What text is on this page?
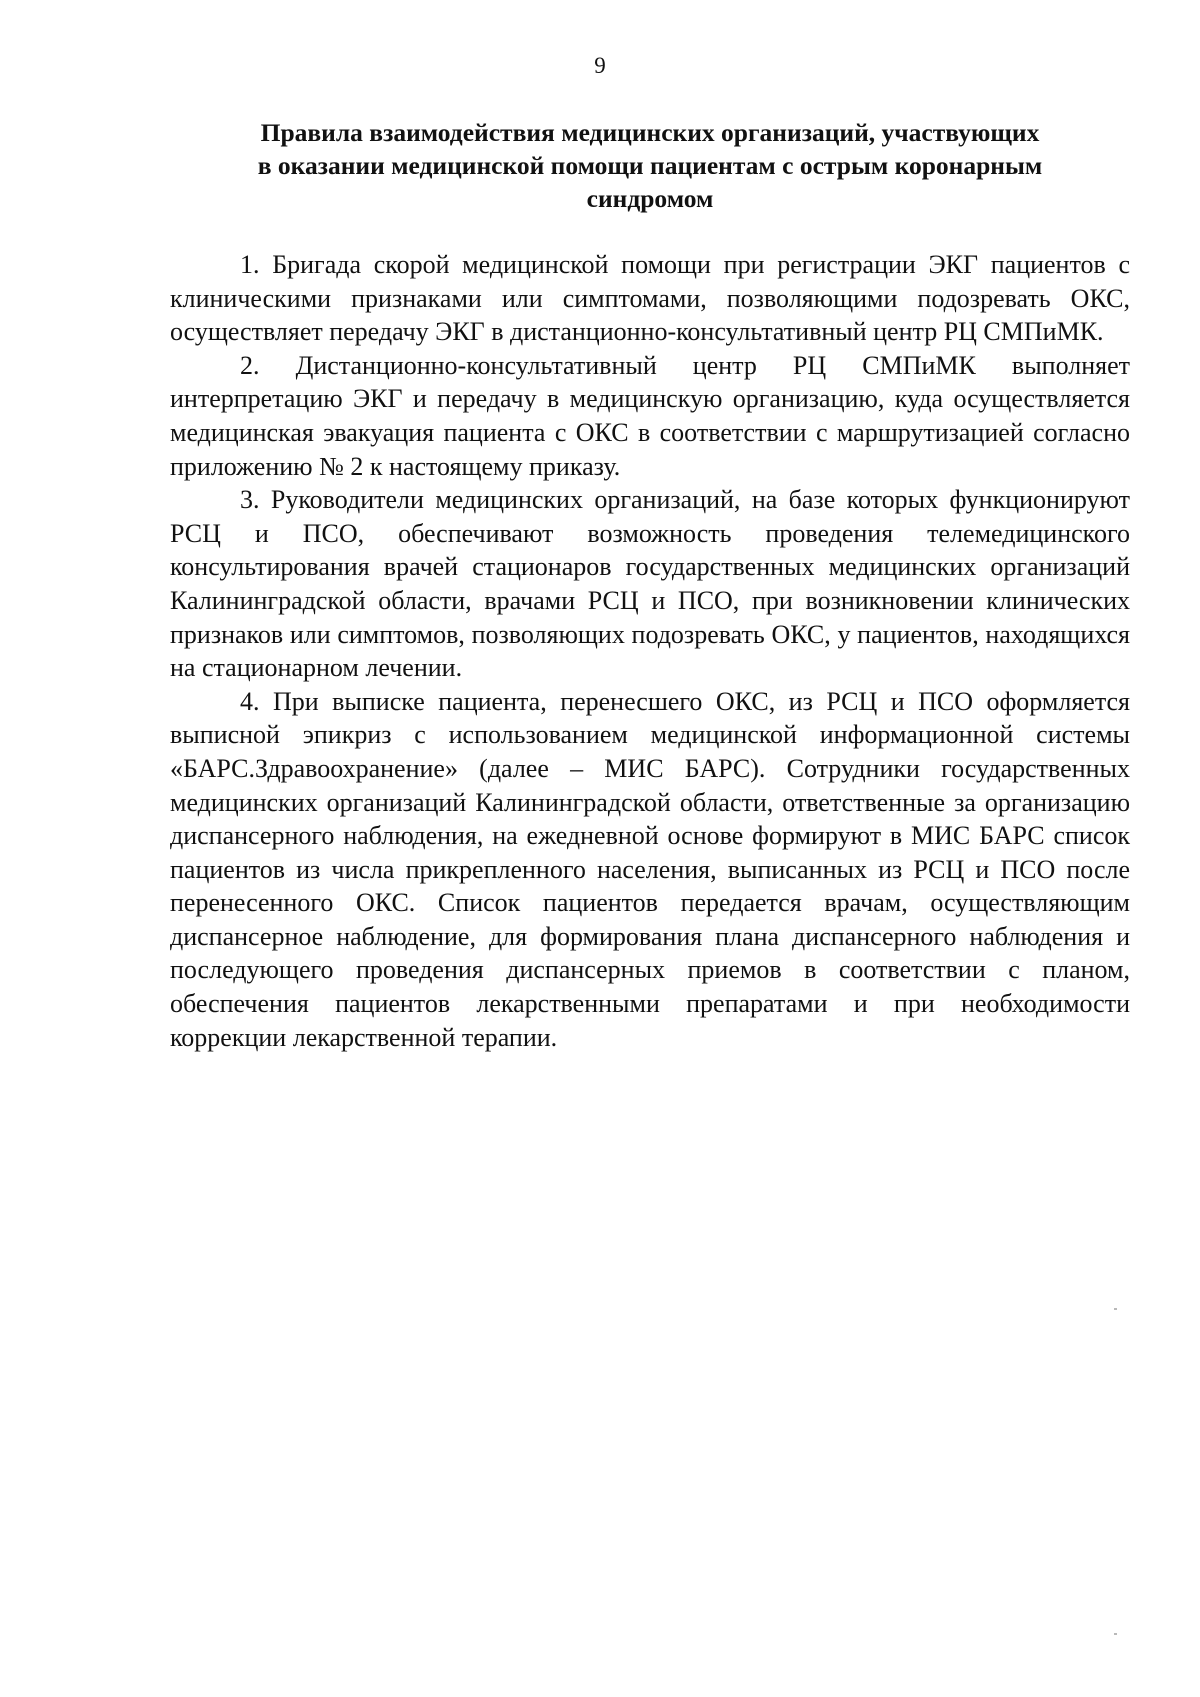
9
Правила взаимодействия медицинских организаций, участвующих
в оказании медицинской помощи пациентам с острым коронарным
синдромом

1. Бригада скорой медицинской помощи при регистрации ЭКГ пациентов с клиническими признаками или симптомами, позволяющими подозревать ОКС, осуществляет передачу ЭКГ в дистанционно-консультативный центр РЦ СМПиМК.

2. Дистанционно-консультативный центр РЦ СМПиМК выполняет интерпретацию ЭКГ и передачу в медицинскую организацию, куда осуществляется медицинская эвакуация пациента с ОКС в соответствии с маршрутизацией согласно приложению № 2 к настоящему приказу.

3. Руководители медицинских организаций, на базе которых функционируют РСЦ и ПСО, обеспечивают возможность проведения телемедицинского консультирования врачей стационаров государственных медицинских организаций Калининградской области, врачами РСЦ и ПСО, при возникновении клинических признаков или симптомов, позволяющих подозревать ОКС, у пациентов, находящихся на стационарном лечении.

4. При выписке пациента, перенесшего ОКС, из РСЦ и ПСО оформляется выписной эпикриз с использованием медицинской информационной системы «БАРС.Здравоохранение» (далее – МИС БАРС). Сотрудники государственных медицинских организаций Калининградской области, ответственные за организацию диспансерного наблюдения, на ежедневной основе формируют в МИС БАРС список пациентов из числа прикрепленного населения, выписанных из РСЦ и ПСО после перенесенного ОКС. Список пациентов передается врачам, осуществляющим диспансерное наблюдение, для формирования плана диспансерного наблюдения и последующего проведения диспансерных приемов в соответствии с планом, обеспечения пациентов лекарственными препаратами и при необходимости коррекции лекарственной терапии.
